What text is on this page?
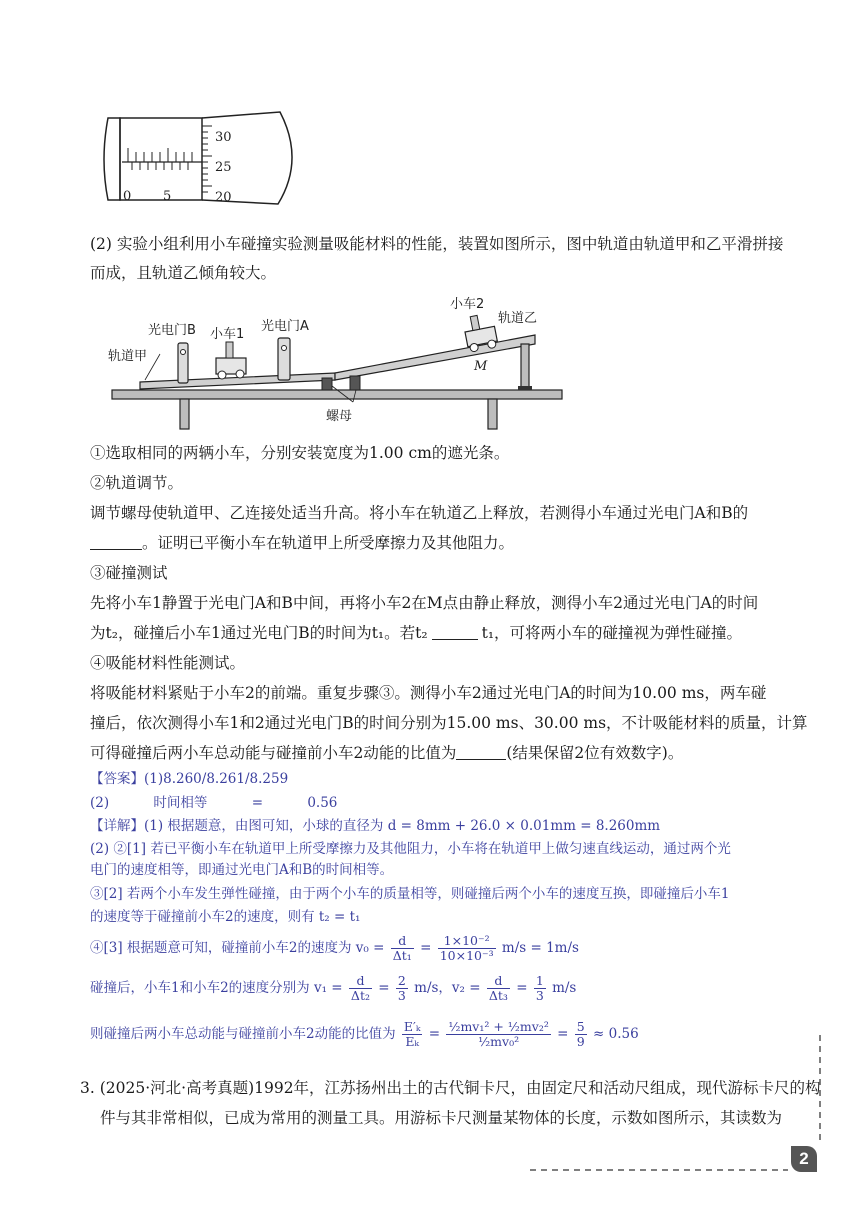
0 5
30
25
20
(2) 实验小组利用小车碰撞实验测量吸能材料的性能，装置如图所示，图中轨道由轨道甲和乙平滑拼接
而成，且轨道乙倾角较大。
光电门B 小车1
光电门A
小车2
轨道乙
轨道甲
M
螺母
①选取相同的两辆小车，分别安装宽度为1.00 cm的遮光条。
②轨道调节。
调节螺母使轨道甲、乙连接处适当升高。将小车在轨道乙上释放，若测得小车通过光电门A和B的
。证明已平衡小车在轨道甲上所受摩擦力及其他阻力。
③碰撞测试
先将小车1静置于光电门A和B中间，再将小车2在M点由静止释放，测得小车2通过光电门A的时间
为t₂，碰撞后小车1通过光电门B的时间为t₁。若t₂	t₁，可将两小车的碰撞视为弹性碰撞。
④吸能材料性能测试。
将吸能材料紧贴于小车2的前端。重复步骤③。测得小车2通过光电门A的时间为10.00 ms，两车碰
撞后，依次测得小车1和2通过光电门B的时间分别为15.00 ms、30.00 ms，不计吸能材料的质量，计算
可得碰撞后两小车总动能与碰撞前小车2动能的比值为	(结果保留2位有效数字)。
【答案】(1)8.260/8.261/8.259
(2)	时间相等	=	0.56
【详解】(1) 根据题意，由图可知，小球的直径为 d = 8mm + 26.0 × 0.01mm = 8.260mm
(2) ②[1] 若已平衡小车在轨道甲上所受摩擦力及其他阻力，小车将在轨道甲上做匀速直线运动，通过两个光
电门的速度相等，即通过光电门A和B的时间相等。
③[2] 若两个小车发生弹性碰撞，由于两个小车的质量相等，则碰撞后两个小车的速度互换，即碰撞后小车1
的速度等于碰撞前小车2的速度，则有 t₂ = t₁
④[3] 根据题意可知，碰撞前小车2的速度为 $v_0 = \frac{d}{\text{Δt₁}} = \frac{\text{1×10⁻²}}{\text{10×10⁻³}} m/s = 1m/s$
碰撞后，小车1和小车2的速度分别为 $v_1 = \frac{d}{\text{Δt₂}} = \frac{2}{3} m/s$，$v_2 = \frac{d}{\text{Δt₃}} = \frac{1}{3} m/s$
则碰撞后两小车总动能与碰撞前小车2动能的比值为 $\frac{\text{E′ₖ}}{\text{Eₖ}} = \frac{\text{½mv₁² + ½mv₂²}}{\text{½mv₀²}} = \frac{5}{9} \approx 0.56$
3. (2025·河北·高考真题)1992年，江苏扬州出土的古代铜卡尺，由固定尺和活动尺组成，现代游标卡尺的构
件与其非常相似，已成为常用的测量工具。用游标卡尺测量某物体的长度，示数如图所示，其读数为
2
